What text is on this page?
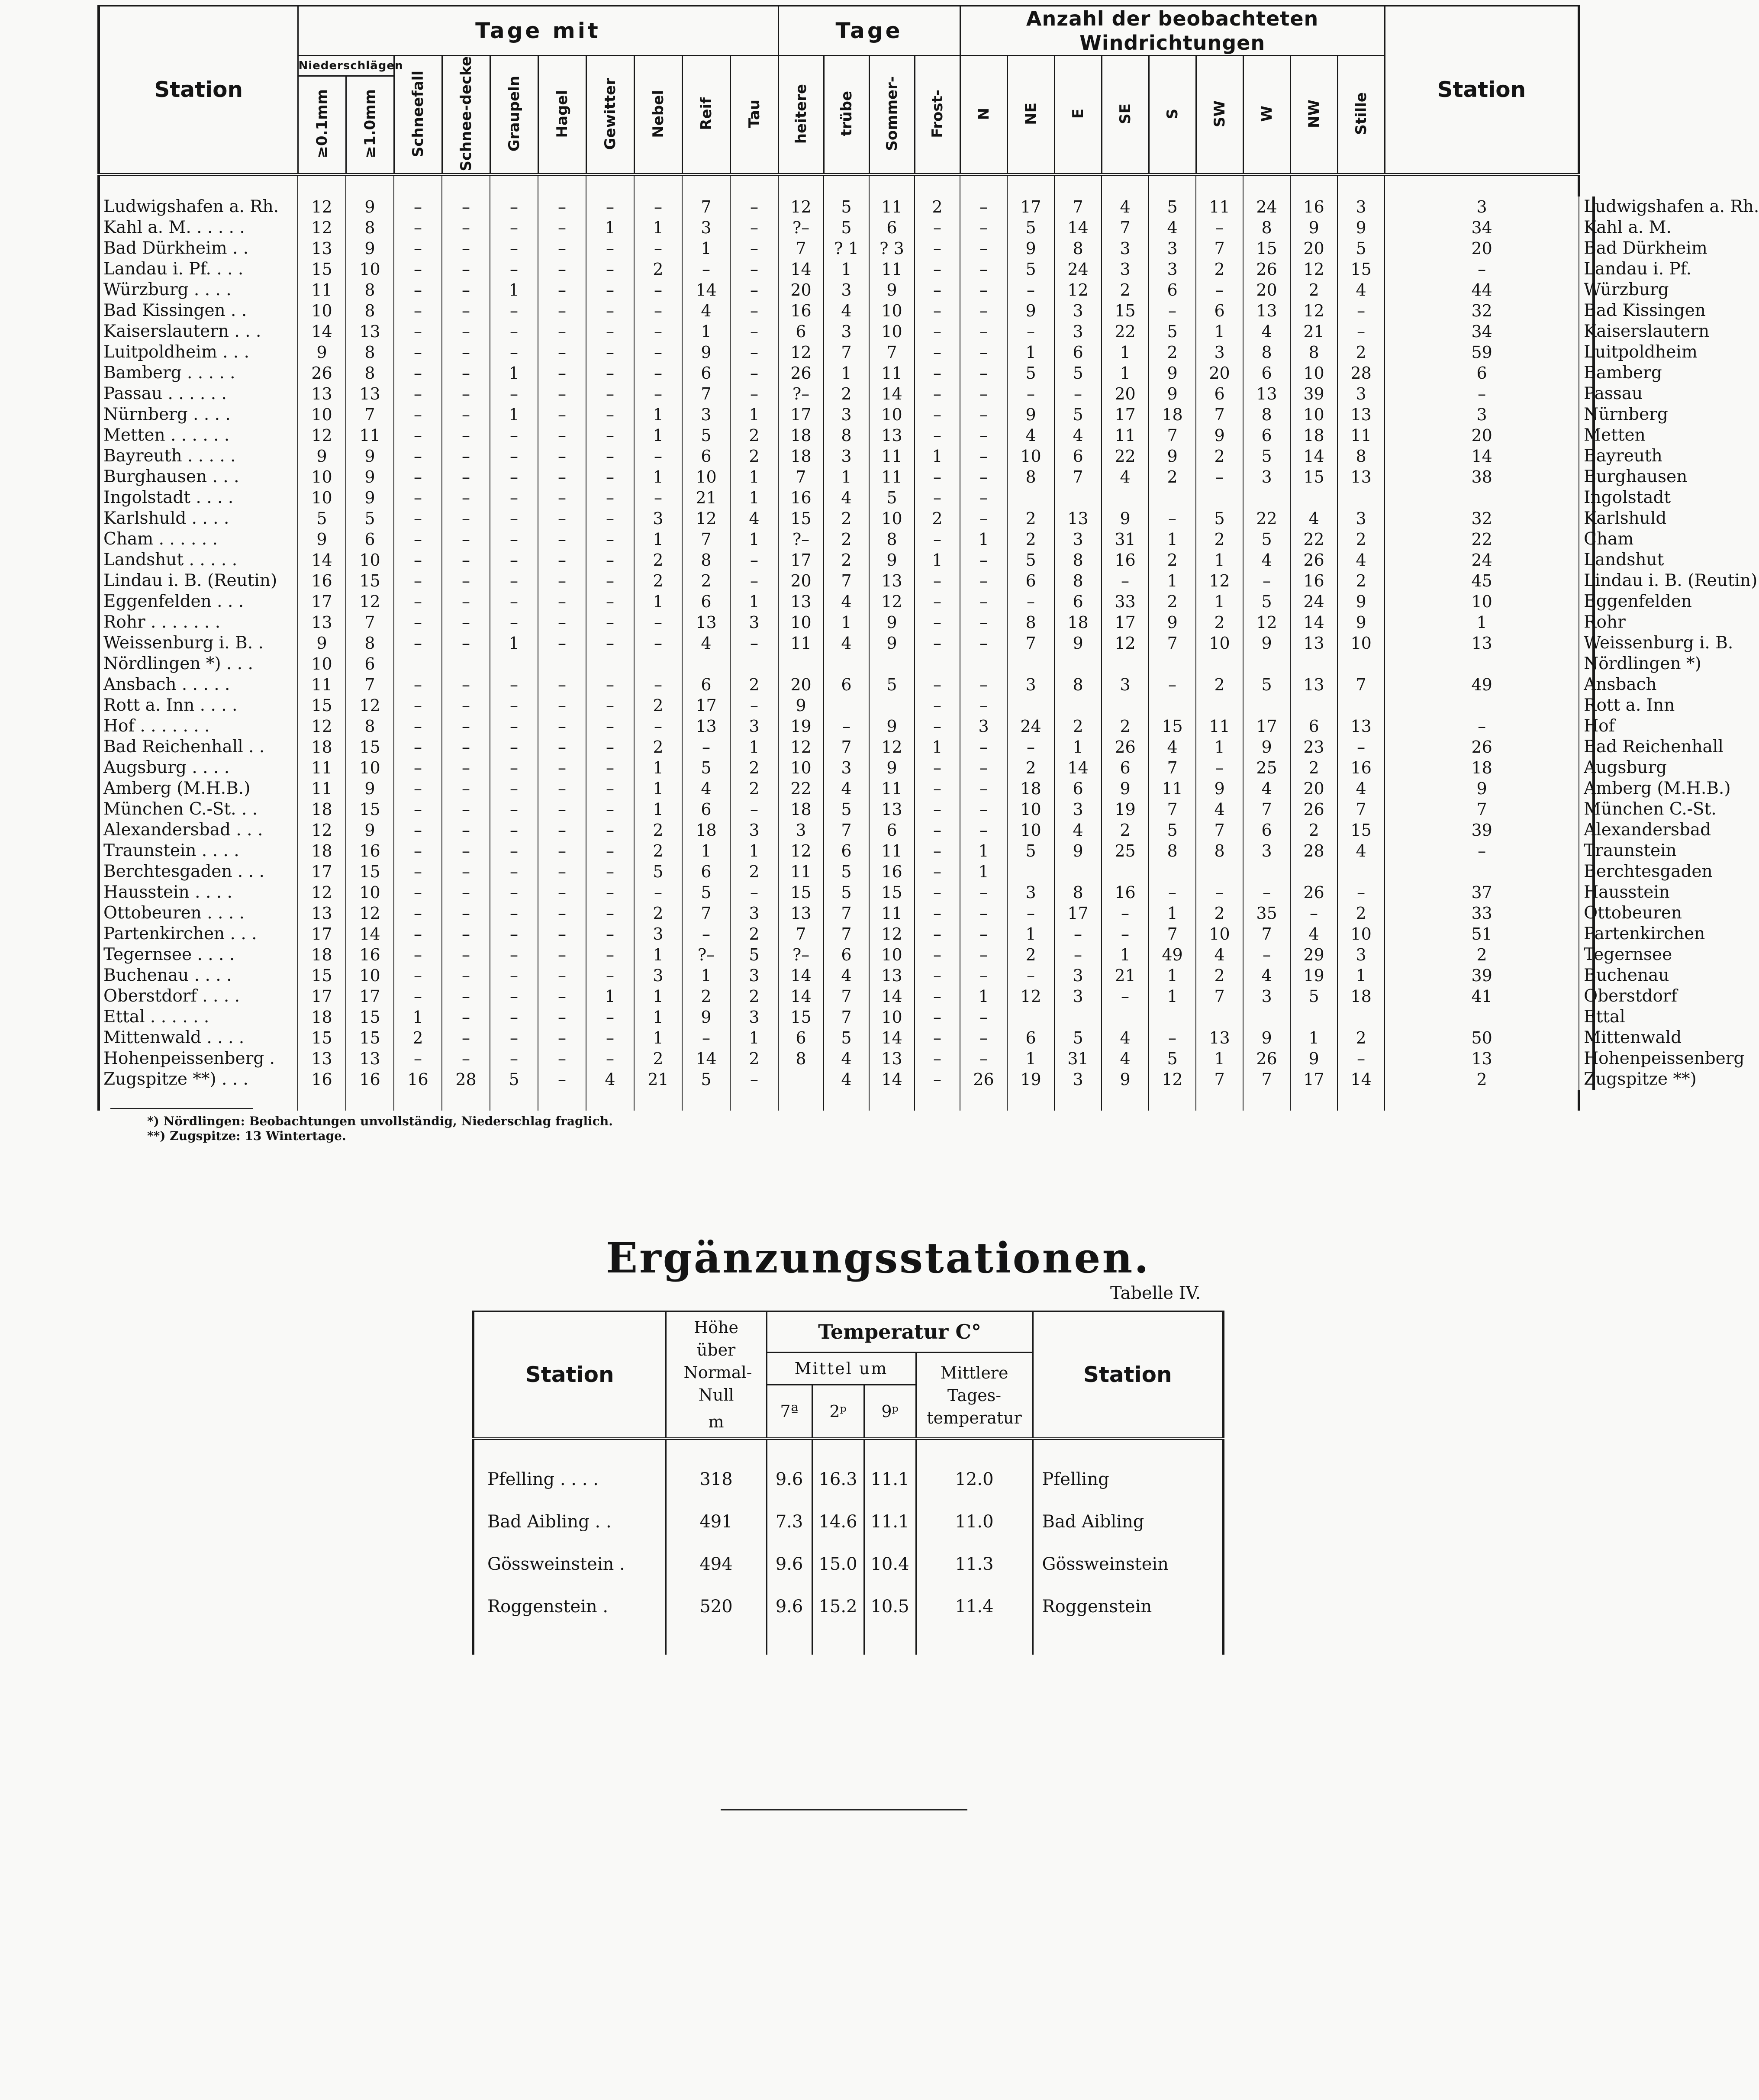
Station	Tage mit										Tage				Anzahl der beobachteten Windrichtungen									Station	
	Niederschlägen		Schneefall	Schnee-decke	Graupeln	Hagel	Gewitter	Nebel	Reif	Tau	heitere	trübe	Sommer-	Frost-	N	NE	E	SE	S	SW	W	NW	Stille		
	≥0.1mm	≥1.0mm																							

Ludwigshafen a. Rh.	12	9	–	–	–	–	–	–	7	–	12	5	11	2	–	17	7	4	5	11	24	16	3	3	Ludwigshafen a. Rh.
Kahl a. M. . . . . .	12	8	–	–	–	–	1	1	3	–	?–	5	6	–	–	5	14	7	4	–	8	9	9	34	Kahl a. M.
Bad Dürkheim . .	13	9	–	–	–	–	–	–	1	–	7	? 1	? 3	–	–	9	8	3	3	7	15	20	5	20	Bad Dürkheim
Landau i. Pf. . . .	15	10	–	–	–	–	–	2	–	–	14	1	11	–	–	5	24	3	3	2	26	12	15	–	Landau i. Pf.
Würzburg . . . .	11	8	–	–	1	–	–	–	14	–	20	3	9	–	–	–	12	2	6	–	20	2	4	44	Würzburg
Bad Kissingen . .	10	8	–	–	–	–	–	–	4	–	16	4	10	–	–	9	3	15	–	6	13	12	–	32	Bad Kissingen
Kaiserslautern . . .	14	13	–	–	–	–	–	–	1	–	6	3	10	–	–	–	3	22	5	1	4	21	–	34	Kaiserslautern
Luitpoldheim . . .	9	8	–	–	–	–	–	–	9	–	12	7	7	–	–	1	6	1	2	3	8	8	2	59	Luitpoldheim
Bamberg . . . . .	26	8	–	–	1	–	–	–	6	–	26	1	11	–	–	5	5	1	9	20	6	10	28	6	Bamberg
Passau . . . . . .	13	13	–	–	–	–	–	–	7	–	?–	2	14	–	–	–	–	20	9	6	13	39	3	–	Passau
Nürnberg . . . .	10	7	–	–	1	–	–	1	3	1	17	3	10	–	–	9	5	17	18	7	8	10	13	3	Nürnberg
Metten . . . . . .	12	11	–	–	–	–	–	1	5	2	18	8	13	–	–	4	4	11	7	9	6	18	11	20	Metten
Bayreuth . . . . .	9	9	–	–	–	–	–	–	6	2	18	3	11	1	–	10	6	22	9	2	5	14	8	14	Bayreuth
Burghausen . . .	10	9	–	–	–	–	–	1	10	1	7	1	11	–	–	8	7	4	2	–	3	15	13	38	Burghausen
Ingolstadt . . . .	10	9	–	–	–	–	–	–	21	1	16	4	5	–	–										Ingolstadt
Karlshuld . . . .	5	5	–	–	–	–	–	3	12	4	15	2	10	2	–	2	13	9	–	5	22	4	3	32	Karlshuld
Cham . . . . . .	9	6	–	–	–	–	–	1	7	1	?–	2	8	–	1	2	3	31	1	2	5	22	2	22	Cham
Landshut . . . . .	14	10	–	–	–	–	–	2	8	–	17	2	9	1	–	5	8	16	2	1	4	26	4	24	Landshut
Lindau i. B. (Reutin)	16	15	–	–	–	–	–	2	2	–	20	7	13	–	–	6	8	–	1	12	–	16	2	45	Lindau i. B. (Reutin)
Eggenfelden . . .	17	12	–	–	–	–	–	1	6	1	13	4	12	–	–	–	6	33	2	1	5	24	9	10	Eggenfelden
Rohr . . . . . . .	13	7	–	–	–	–	–	–	13	3	10	1	9	–	–	8	18	17	9	2	12	14	9	1	Rohr
Weissenburg i. B. .	9	8	–	–	1	–	–	–	4	–	11	4	9	–	–	7	9	12	7	10	9	13	10	13	Weissenburg i. B.
Nördlingen *) . . .	10	6																							Nördlingen *)
Ansbach . . . . .	11	7	–	–	–	–	–	–	6	2	20	6	5	–	–	3	8	3	–	2	5	13	7	49	Ansbach
Rott a. Inn . . . .	15	12	–	–	–	–	–	2	17	–	9			–	–										Rott a. Inn
Hof . . . . . . .	12	8	–	–	–	–	–	–	13	3	19	–	9	–	3	24	2	2	15	11	17	6	13	–	Hof
Bad Reichenhall . .	18	15	–	–	–	–	–	2	–	1	12	7	12	1	–	–	1	26	4	1	9	23	–	26	Bad Reichenhall
Augsburg . . . .	11	10	–	–	–	–	–	1	5	2	10	3	9	–	–	2	14	6	7	–	25	2	16	18	Augsburg
Amberg (M.H.B.)	11	9	–	–	–	–	–	1	4	2	22	4	11	–	–	18	6	9	11	9	4	20	4	9	Amberg (M.H.B.)
München C.-St. . .	18	15	–	–	–	–	–	1	6	–	18	5	13	–	–	10	3	19	7	4	7	26	7	7	München C.-St.
Alexandersbad . . .	12	9	–	–	–	–	–	2	18	3	3	7	6	–	–	10	4	2	5	7	6	2	15	39	Alexandersbad
Traunstein . . . .	18	16	–	–	–	–	–	2	1	1	12	6	11	–	1	5	9	25	8	8	3	28	4	–	Traunstein
Berchtesgaden . . .	17	15	–	–	–	–	–	5	6	2	11	5	16	–	1										Berchtesgaden
Hausstein . . . .	12	10	–	–	–	–	–	–	5	–	15	5	15	–	–	3	8	16	–	–	–	26	–	37	Hausstein
Ottobeuren . . . .	13	12	–	–	–	–	–	2	7	3	13	7	11	–	–	–	17	–	1	2	35	–	2	33	Ottobeuren
Partenkirchen . . .	17	14	–	–	–	–	–	3	–	2	7	7	12	–	–	1	–	–	7	10	7	4	10	51	Partenkirchen
Tegernsee . . . .	18	16	–	–	–	–	–	1	?–	5	?–	6	10	–	–	2	–	1	49	4	–	29	3	2	Tegernsee
Buchenau . . . .	15	10	–	–	–	–	–	3	1	3	14	4	13	–	–	–	3	21	1	2	4	19	1	39	Buchenau
Oberstdorf . . . .	17	17	–	–	–	–	1	1	2	2	14	7	14	–	1	12	3	–	1	7	3	5	18	41	Oberstdorf
Ettal . . . . . .	18	15	1	–	–	–	–	1	9	3	15	7	10	–	–										Ettal
Mittenwald . . . .	15	15	2	–	–	–	–	1	–	1	6	5	14	–	–	6	5	4	–	13	9	1	2	50	Mittenwald
Hohenpeissenberg .	13	13	–	–	–	–	–	2	14	2	8	4	13	–	–	1	31	4	5	1	26	9	–	13	Hohenpeissenberg
Zugspitze **) . . .	16	16	16	28	5	–	4	21	5	–		4	14	–	26	19	3	9	12	7	7	17	14	2	Zugspitze **)

*) Nördlingen: Beobachtungen unvollständig, Niederschlag fraglich.
**) Zugspitze: 13 Wintertage.
Ergänzungsstationen.
Tabelle IV.
Station	Höhe über Normal-Null
m	Temperatur C°				Station
		Mittel um			Mittlere Tages-temperatur	

		7ª	2ᵖ	9ᵖ		

Pfelling . . . .	318	9.6	16.3	11.1	12.0	Pfelling
Bad Aibling . .	491	7.3	14.6	11.1	11.0	Bad Aibling
Gössweinstein .	494	9.6	15.0	10.4	11.3	Gössweinstein
Roggenstein .	520	9.6	15.2	10.5	11.4	Roggenstein
